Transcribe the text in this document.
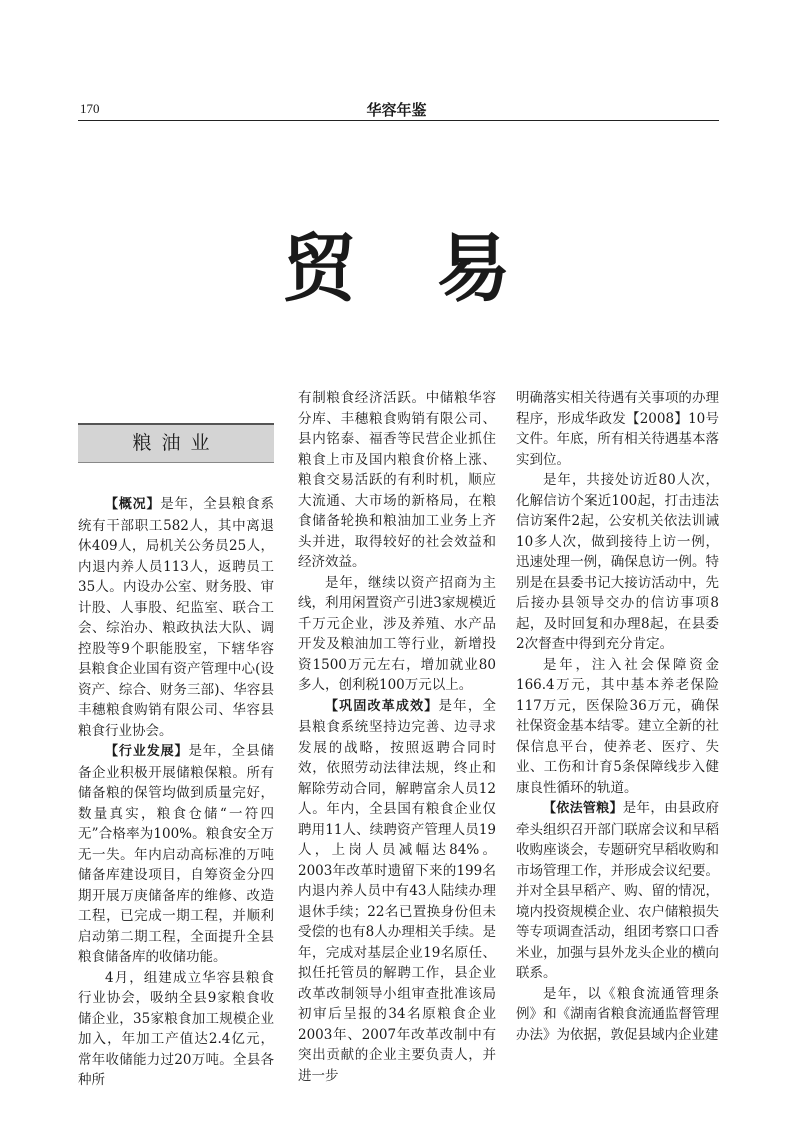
170	华容年鉴
贸易
粮油业

【概况】是年，全县粮食系统有干部职工582人，其中离退休409人，局机关公务员25人，内退内养人员113人，返聘员工35人。内设办公室、财务股、审计股、人事股、纪监室、联合工会、综治办、粮政执法大队、调控股等9个职能股室，下辖华容县粮食企业国有资产管理中心(设资产、综合、财务三部)、华容县丰穗粮食购销有限公司、华容县粮食行业协会。

【行业发展】是年，全县储备企业积极开展储粮保粮。所有储备粮的保管均做到质量完好，数量真实，粮食仓储“一符四无”合格率为100%。粮食安全万无一失。年内启动高标准的万吨储备库建设项目，自筹资金分四期开展万庚储备库的维修、改造工程，已完成一期工程，并顺利启动第二期工程，全面提升全县粮食储备库的收储功能。

4月，组建成立华容县粮食行业协会，吸纳全县9家粮食收储企业，35家粮食加工规模企业加入，年加工产值达2.4亿元，常年收储能力过20万吨。全县各种所

有制粮食经济活跃。中储粮华容分库、丰穗粮食购销有限公司、县内铭泰、福香等民营企业抓住粮食上市及国内粮食价格上涨、粮食交易活跃的有利时机，顺应大流通、大市场的新格局，在粮食储备轮换和粮油加工业务上齐头并进，取得较好的社会效益和经济效益。

是年，继续以资产招商为主线，利用闲置资产引进3家规模近千万元企业，涉及养殖、水产品开发及粮油加工等行业，新增投资1500万元左右，增加就业80多人，创利税100万元以上。

【巩固改革成效】是年，全县粮食系统坚持边完善、边寻求发展的战略，按照返聘合同时效，依照劳动法律法规，终止和解除劳动合同，解聘富余人员12人。年内，全县国有粮食企业仅聘用11人、续聘资产管理人员19人，上岗人员减幅达84%。2003年改革时遗留下来的199名内退内养人员中有43人陆续办理退休手续；22名已置换身份但未受偿的也有8人办理相关手续。是年，完成对基层企业19名原任、拟任托管员的解聘工作，县企业改革改制领导小组审查批准该局初审后呈报的34名原粮食企业2003年、2007年改革改制中有突出贡献的企业主要负责人，并进一步

明确落实相关待遇有关事项的办理程序，形成华政发【2008】10号文件。年底，所有相关待遇基本落实到位。

是年，共接处访近80人次，化解信访个案近100起，打击违法信访案件2起，公安机关依法训诫10多人次，做到接待上访一例，迅速处理一例，确保息访一例。特别是在县委书记大接访活动中，先后接办县领导交办的信访事项8起，及时回复和办理8起，在县委2次督查中得到充分肯定。

是年，注入社会保障资金166.4万元，其中基本养老保险117万元，医保险36万元，确保社保资金基本结零。建立全新的社保信息平台，使养老、医疗、失业、工伤和计育5条保障线步入健康良性循环的轨道。

【依法管粮】是年，由县政府牵头组织召开部门联席会议和早稻收购座谈会，专题研究早稻收购和市场管理工作，并形成会议纪要。并对全县早稻产、购、留的情况，境内投资规模企业、农户储粮损失等专项调查活动，组团考察口口香米业，加强与县外龙头企业的横向联系。

是年，以《粮食流通管理条例》和《湖南省粮食流通监督管理办法》为依据，敦促县域内企业建
